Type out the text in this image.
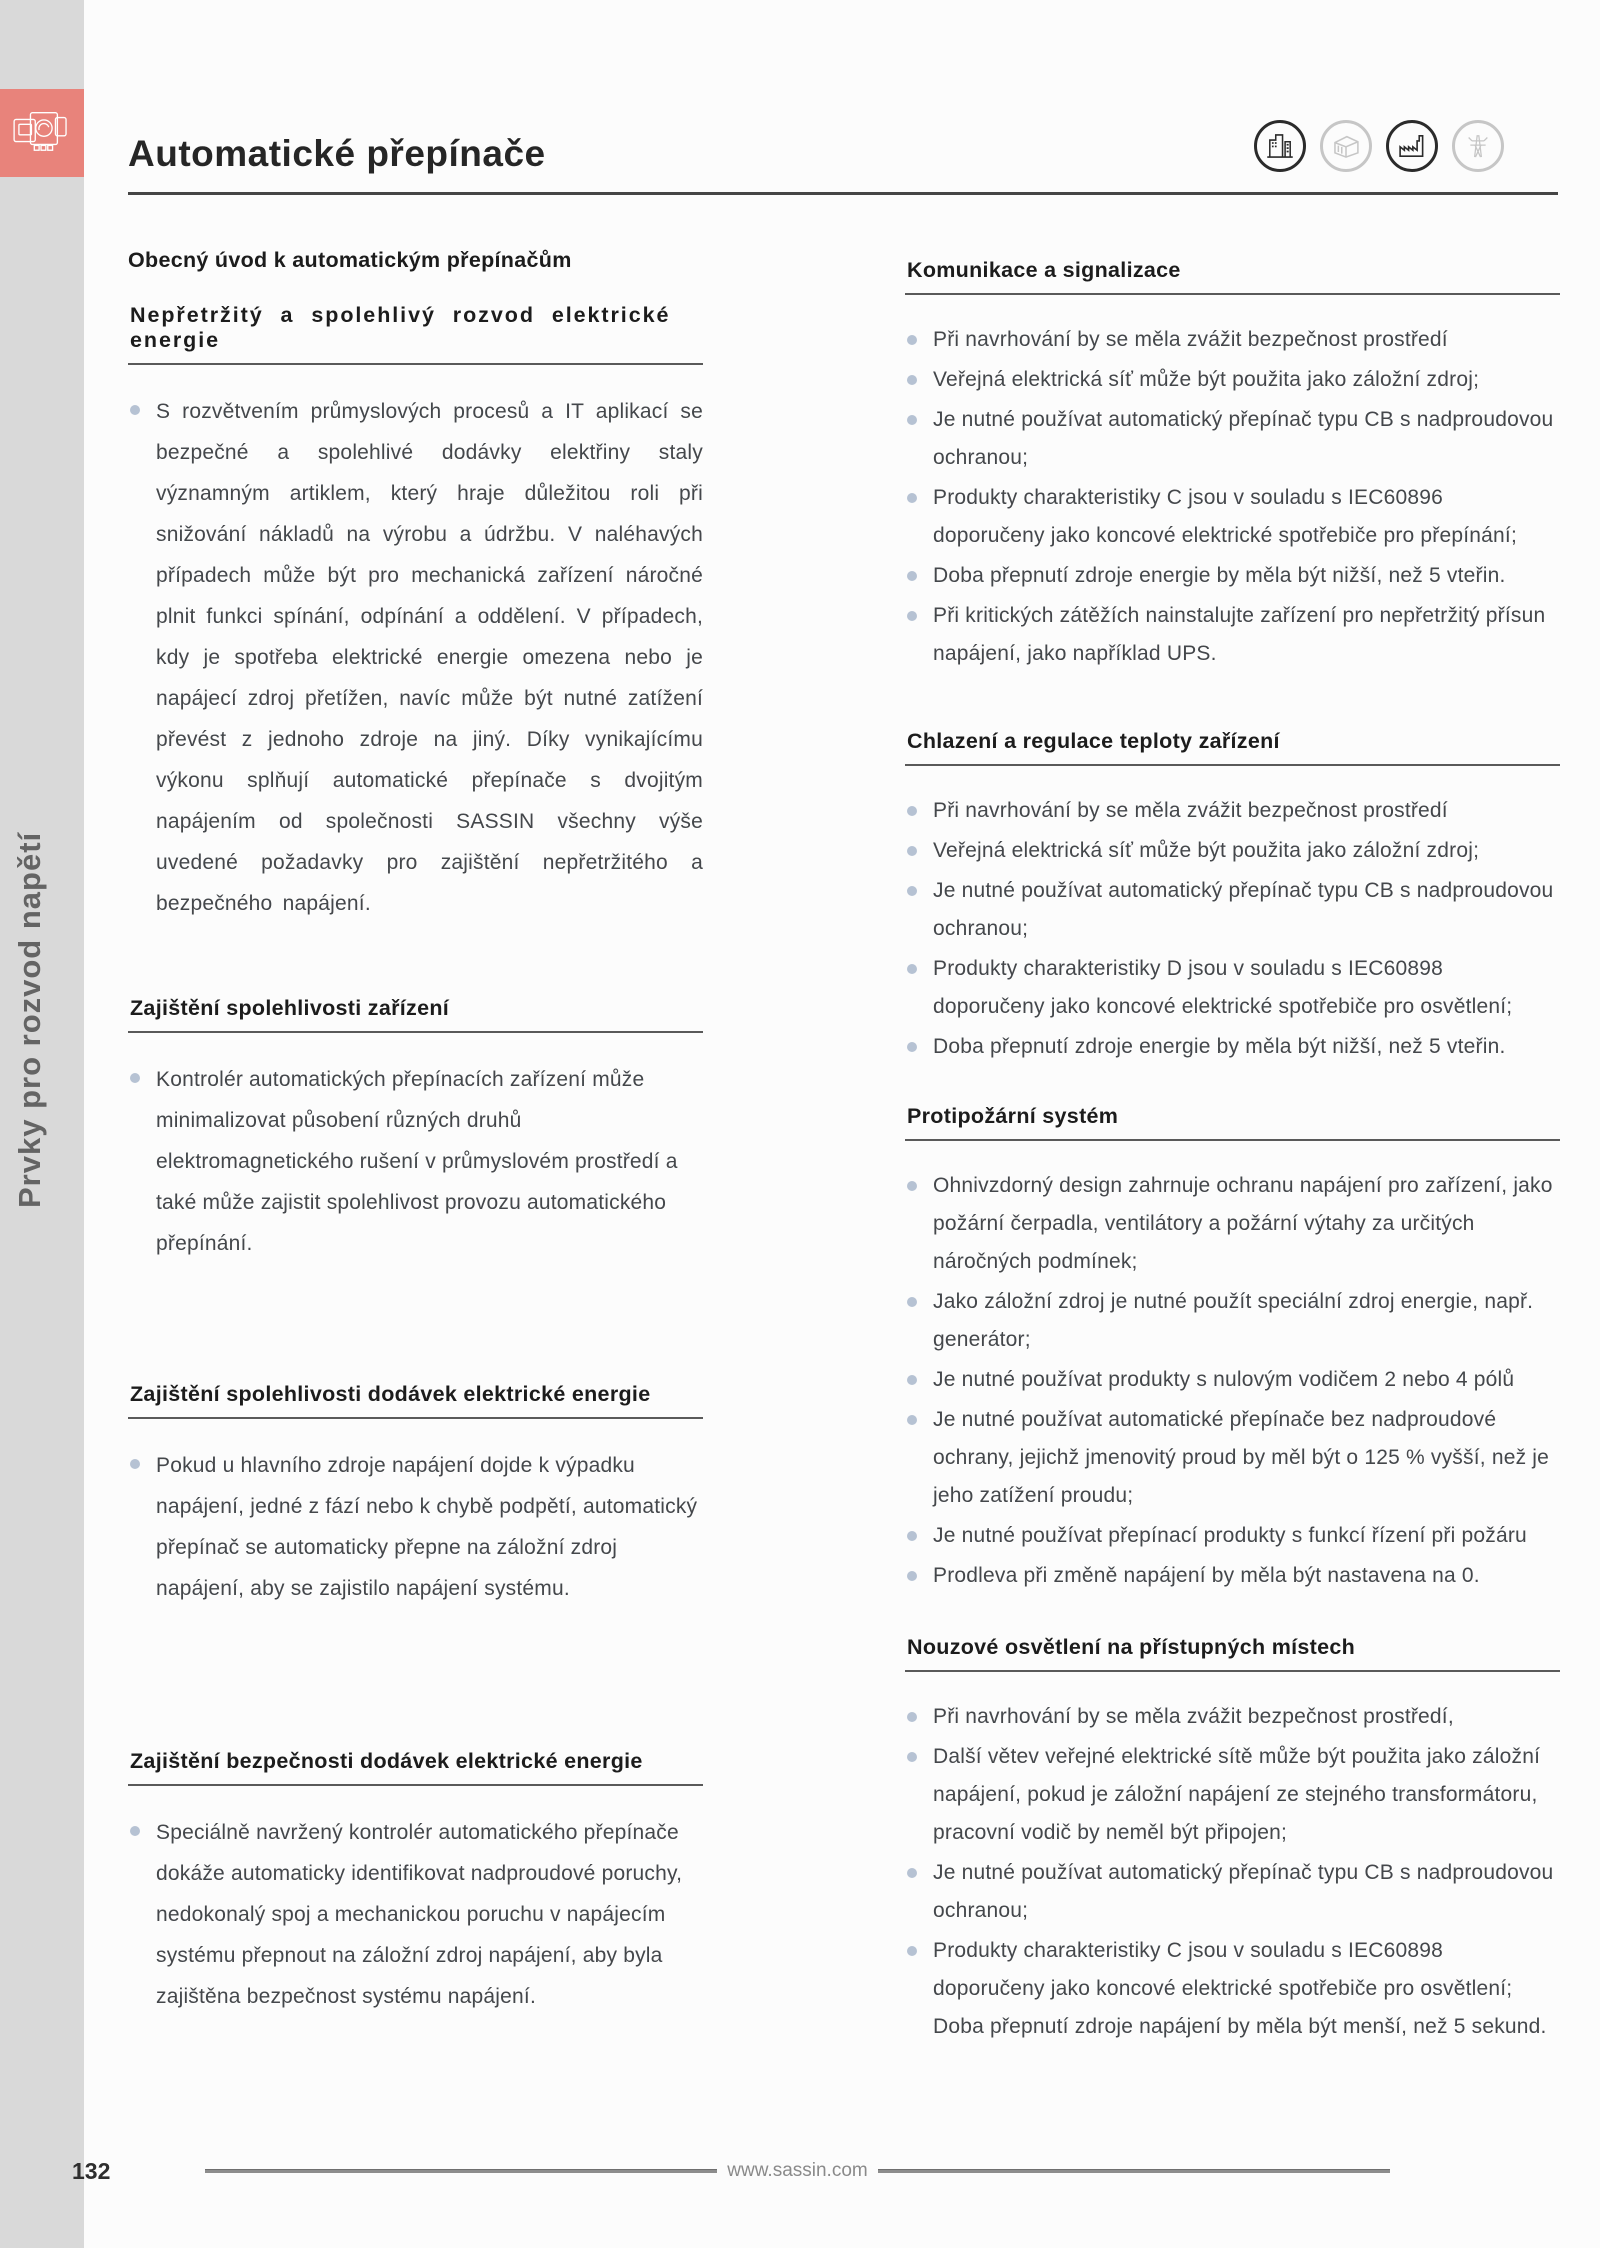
Prvky pro rozvod napětí
Automatické přepínače
Obecný úvod k automatickým přepínačům
Nepřetržitý a spolehlivý rozvod elektrické energie
S rozvětvením průmyslových procesů a IT aplikací se bezpečné a spolehlivé dodávky elektřiny staly významným artiklem, který hraje důležitou roli při snižování nákladů na výrobu a údržbu. V naléhavých případech může být pro mechanická zařízení náročné plnit funkci spínání, odpínání a oddělení. V případech, kdy je spotřeba elektrické energie omezena nebo je napájecí zdroj přetížen, navíc může být nutné zatížení převést z jednoho zdroje na jiný. Díky vynikajícímu výkonu splňují automatické přepínače s dvojitým napájením od společnosti SASSIN všechny výše uvedené požadavky pro zajištění nepřetržitého a bezpečného napájení.
Zajištění spolehlivosti zařízení
Kontrolér automatických přepínacích zařízení může minimalizovat působení různých druhů elektromagnetického rušení v průmyslovém prostředí a také může zajistit spolehlivost provozu automatického přepínání.
Zajištění spolehlivosti dodávek elektrické energie
Pokud u hlavního zdroje napájení dojde k výpadku napájení, jedné z fází nebo k chybě podpětí, automatický přepínač se automaticky přepne na záložní zdroj napájení, aby se zajistilo napájení systému.
Zajištění bezpečnosti dodávek elektrické energie
Speciálně navržený kontrolér automatického přepínače dokáže automaticky identifikovat nadproudové poruchy, nedokonalý spoj a mechanickou poruchu v napájecím systému přepnout na záložní zdroj napájení, aby byla zajištěna bezpečnost systému napájení.
Komunikace a signalizace
Při navrhování by se měla zvážit bezpečnost prostředí
Veřejná elektrická síť může být použita jako záložní zdroj;
Je nutné používat automatický přepínač typu CB s nadproudovou ochranou;
Produkty charakteristiky C jsou v souladu s IEC60896 doporučeny jako koncové elektrické spotřebiče pro přepínání;
Doba přepnutí zdroje energie by měla být nižší, než 5 vteřin.
Při kritických zátěžích nainstalujte zařízení pro nepřetržitý přísun napájení, jako například UPS.
Chlazení a regulace teploty zařízení
Při navrhování by se měla zvážit bezpečnost prostředí
Veřejná elektrická síť může být použita jako záložní zdroj;
Je nutné používat automatický přepínač typu CB s nadproudovou ochranou;
Produkty charakteristiky D jsou v souladu s IEC60898 doporučeny jako koncové elektrické spotřebiče pro osvětlení;
Doba přepnutí zdroje energie by měla být nižší, než 5 vteřin.
Protipožární systém
Ohnivzdorný design zahrnuje ochranu napájení pro zařízení, jako požární čerpadla, ventilátory a požární výtahy za určitých náročných podmínek;
Jako záložní zdroj je nutné použít speciální zdroj energie, např. generátor;
Je nutné používat produkty s nulovým vodičem 2 nebo 4 pólů
Je nutné používat automatické přepínače bez nadproudové ochrany, jejichž jmenovitý proud by měl být o 125 % vyšší, než je jeho zatížení proudu;
Je nutné používat přepínací produkty s funkcí řízení při požáru
Prodleva při změně napájení by měla být nastavena na 0.
Nouzové osvětlení na přístupných místech
Při navrhování by se měla zvážit bezpečnost prostředí,
Další větev veřejné elektrické sítě může být použita jako záložní napájení, pokud je záložní napájení ze stejného transformátoru, pracovní vodič by neměl být připojen;
Je nutné používat automatický přepínač typu CB s nadproudovou ochranou;
Produkty charakteristiky C jsou v souladu s IEC60898 doporučeny jako koncové elektrické spotřebiče pro osvětlení; Doba přepnutí zdroje napájení by měla být menší, než 5 sekund.
132	www.sassin.com
